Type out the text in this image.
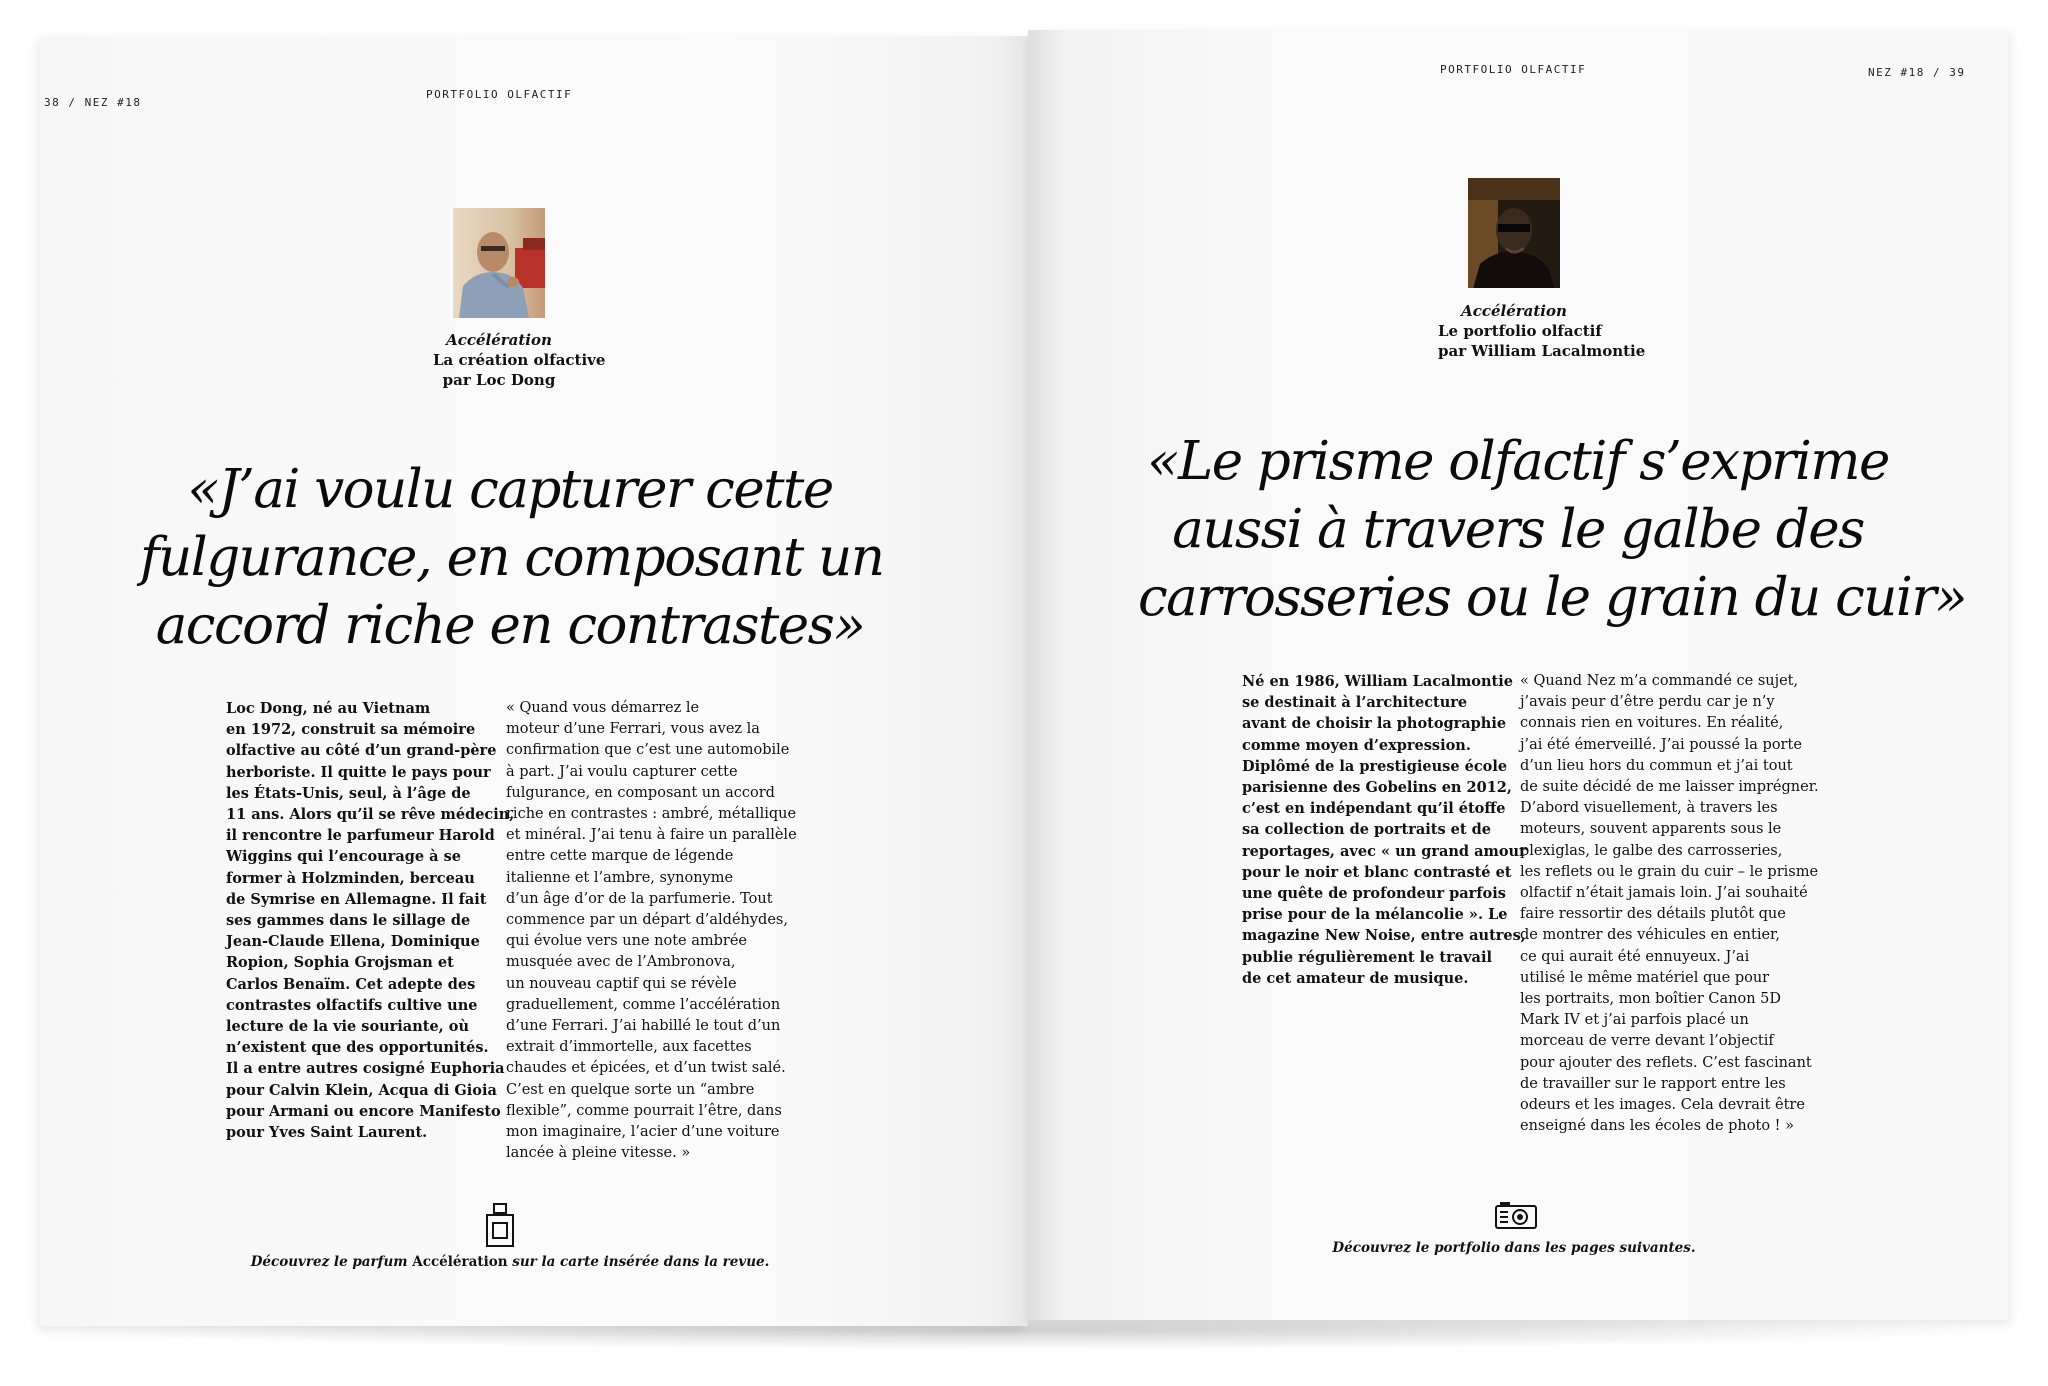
38 / NEZ #18
PORTFOLIO OLFACTIF
Accélération
La création olfactive
par Loc Dong
«J’ai voulu capturer cette
fulgurance, en composant un
accord riche en contrastes»
Loc Dong, né au Vietnam
en 1972, construit sa mémoire
olfactive au côté d’un grand-père
herboriste. Il quitte le pays pour
les États-Unis, seul, à l’âge de
11 ans. Alors qu’il se rêve médecin,
il rencontre le parfumeur Harold
Wiggins qui l’encourage à se
former à Holzminden, berceau
de Symrise en Allemagne. Il fait
ses gammes dans le sillage de
Jean-Claude Ellena, Dominique
Ropion, Sophia Grojsman et
Carlos Benaïm. Cet adepte des
contrastes olfactifs cultive une
lecture de la vie souriante, où
n’existent que des opportunités.
Il a entre autres cosigné Euphoria
pour Calvin Klein, Acqua di Gioia
pour Armani ou encore Manifesto
pour Yves Saint Laurent.
« Quand vous démarrez le
moteur d’une Ferrari, vous avez la
confirmation que c’est une automobile
à part. J’ai voulu capturer cette
fulgurance, en composant un accord
riche en contrastes : ambré, métallique
et minéral. J’ai tenu à faire un parallèle
entre cette marque de légende
italienne et l’ambre, synonyme
d’un âge d’or de la parfumerie. Tout
commence par un départ d’aldéhydes,
qui évolue vers une note ambrée
musquée avec de l’Ambronova,
un nouveau captif qui se révèle
graduellement, comme l’accélération
d’une Ferrari. J’ai habillé le tout d’un
extrait d’immortelle, aux facettes
chaudes et épicées, et d’un twist salé.
C’est en quelque sorte un “ambre
flexible”, comme pourrait l’être, dans
mon imaginaire, l’acier d’une voiture
lancée à pleine vitesse. »
Découvrez le parfum Accélération sur la carte insérée dans la revue.
PORTFOLIO OLFACTIF	NEZ #18 / 39
Accélération
Le portfolio olfactif
par William Lacalmontie
«Le prisme olfactif s’exprime
aussi à travers le galbe des
carrosseries ou le grain du cuir»
Né en 1986, William Lacalmontie
se destinait à l’architecture
avant de choisir la photographie
comme moyen d’expression.
Diplômé de la prestigieuse école
parisienne des Gobelins en 2012,
c’est en indépendant qu’il étoffe
sa collection de portraits et de
reportages, avec « un grand amour
pour le noir et blanc contrasté et
une quête de profondeur parfois
prise pour de la mélancolie ». Le
magazine New Noise, entre autres,
publie régulièrement le travail
de cet amateur de musique.
« Quand Nez m’a commandé ce sujet,
j’avais peur d’être perdu car je n’y
connais rien en voitures. En réalité,
j’ai été émerveillé. J’ai poussé la porte
d’un lieu hors du commun et j’ai tout
de suite décidé de me laisser imprégner.
D’abord visuellement, à travers les
moteurs, souvent apparents sous le
plexiglas, le galbe des carrosseries,
les reflets ou le grain du cuir – le prisme
olfactif n’était jamais loin. J’ai souhaité
faire ressortir des détails plutôt que
de montrer des véhicules en entier,
ce qui aurait été ennuyeux. J’ai
utilisé le même matériel que pour
les portraits, mon boîtier Canon 5D
Mark IV et j’ai parfois placé un
morceau de verre devant l’objectif
pour ajouter des reflets. C’est fascinant
de travailler sur le rapport entre les
odeurs et les images. Cela devrait être
enseigné dans les écoles de photo ! »
Découvrez le portfolio dans les pages suivantes.
